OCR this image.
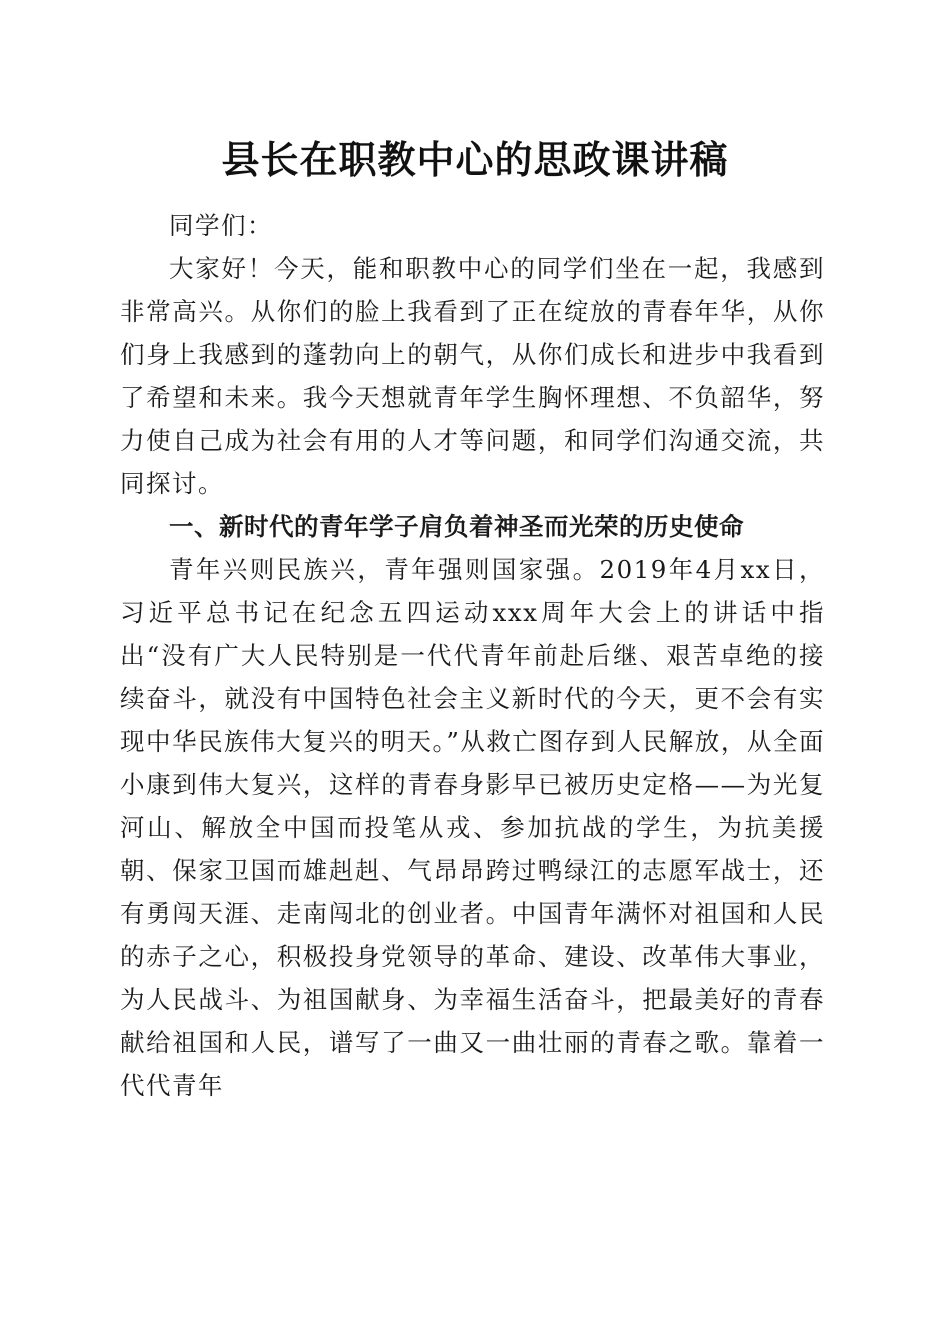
县长在职教中心的思政课讲稿

同学们：

大家好！今天，能和职教中心的同学们坐在一起，我感到非常高兴。从你们的脸上我看到了正在绽放的青春年华，从你们身上我感到的蓬勃向上的朝气，从你们成长和进步中我看到了希望和未来。我今天想就青年学生胸怀理想、不负韶华，努力使自己成为社会有用的人才等问题，和同学们沟通交流，共同探讨。

一、新时代的青年学子肩负着神圣而光荣的历史使命

青年兴则民族兴，青年强则国家强。2019年4月xx日，习近平总书记在纪念五四运动xxx周年大会上的讲话中指出“没有广大人民特别是一代代青年前赴后继、艰苦卓绝的接续奋斗，就没有中国特色社会主义新时代的今天，更不会有实现中华民族伟大复兴的明天。”从救亡图存到人民解放，从全面小康到伟大复兴，这样的青春身影早已被历史定格——为光复河山、解放全中国而投笔从戎、参加抗战的学生，为抗美援朝、保家卫国而雄赳赳、气昂昂跨过鸭绿江的志愿军战士，还有勇闯天涯、走南闯北的创业者。中国青年满怀对祖国和人民的赤子之心，积极投身党领导的革命、建设、改革伟大事业，为人民战斗、为祖国献身、为幸福生活奋斗，把最美好的青春献给祖国和人民，谱写了一曲又一曲壮丽的青春之歌。靠着一代代青年
